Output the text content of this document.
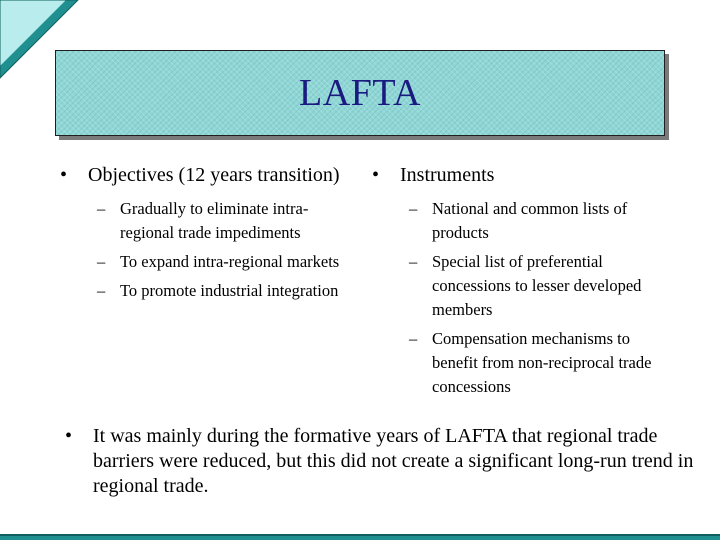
LAFTA
• Objectives (12 years transition)
– Gradually to eliminate intra-regional trade impediments
– To expand intra-regional markets
– To promote industrial integration
• Instruments
– National and common lists of products
– Special list of preferential concessions to lesser developed members
– Compensation mechanisms to benefit from non-reciprocal trade concessions
• It was mainly during the formative years of LAFTA that regional trade barriers were reduced, but this did not create a significant long-run trend in regional trade.
